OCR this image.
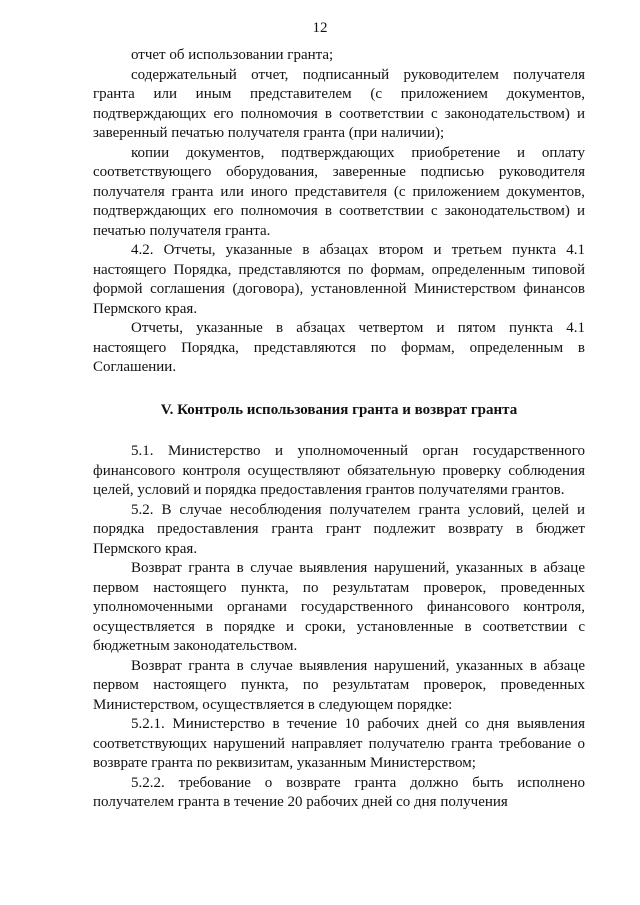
12

отчет об использовании гранта;

содержательный отчет, подписанный руководителем получателя гранта или иным представителем (с приложением документов, подтверждающих его полномочия в соответствии с законодательством) и заверенный печатью получателя гранта (при наличии);

копии документов, подтверждающих приобретение и оплату соответствующего оборудования, заверенные подписью руководителя получателя гранта или иного представителя (с приложением документов, подтверждающих его полномочия в соответствии с законодательством) и печатью получателя гранта.

4.2. Отчеты, указанные в абзацах втором и третьем пункта 4.1 настоящего Порядка, представляются по формам, определенным типовой формой соглашения (договора), установленной Министерством финансов Пермского края.

Отчеты, указанные в абзацах четвертом и пятом пункта 4.1 настоящего Порядка, представляются по формам, определенным в Соглашении.

V. Контроль использования гранта и возврат гранта

5.1. Министерство и уполномоченный орган государственного финансового контроля осуществляют обязательную проверку соблюдения целей, условий и порядка предоставления грантов получателями грантов.

5.2. В случае несоблюдения получателем гранта условий, целей и порядка предоставления гранта грант подлежит возврату в бюджет Пермского края.

Возврат гранта в случае выявления нарушений, указанных в абзаце первом настоящего пункта, по результатам проверок, проведенных уполномоченными органами государственного финансового контроля, осуществляется в порядке и сроки, установленные в соответствии с бюджетным законодательством.

Возврат гранта в случае выявления нарушений, указанных в абзаце первом настоящего пункта, по результатам проверок, проведенных Министерством, осуществляется в следующем порядке:

5.2.1. Министерство в течение 10 рабочих дней со дня выявления соответствующих нарушений направляет получателю гранта требование о возврате гранта по реквизитам, указанным Министерством;

5.2.2. требование о возврате гранта должно быть исполнено получателем гранта в течение 20 рабочих дней со дня получения
